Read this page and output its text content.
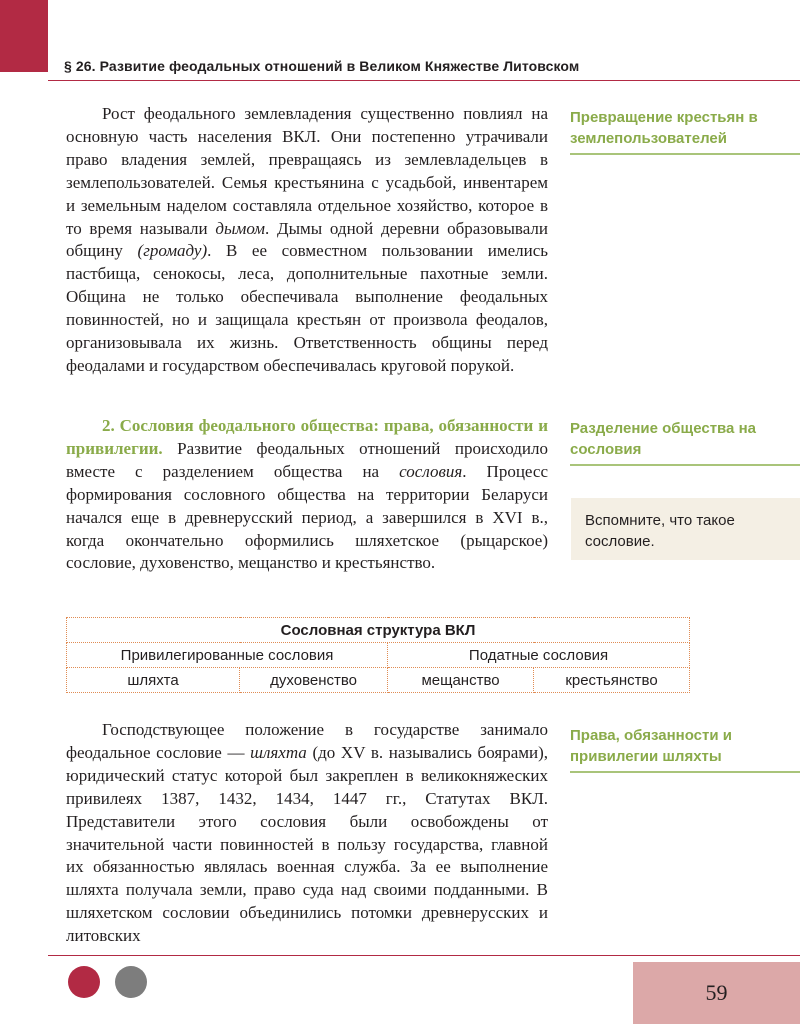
§ 26. Развитие феодальных отношений в Великом Княжестве Литовском

Рост феодального землевладения существенно повлиял на основную часть населения ВКЛ. Они постепенно утрачивали право владения землей, превращаясь из землевладельцев в землепользователей. Семья крестьянина с усадьбой, инвентарем и земельным наделом составляла отдельное хозяйство, которое в то время называли дымом. Дымы одной деревни образовывали общину (громаду). В ее совместном пользовании имелись пастбища, сенокосы, леса, дополнительные пахотные земли. Община не только обеспечивала выполнение феодальных повинностей, но и защищала крестьян от произвола феодалов, организовывала их жизнь. Ответственность общины перед феодалами и государством обеспечивалась круговой порукой.

2. Сословия феодального общества: права, обязанности и привилегии. Развитие феодальных отношений происходило вместе с разделением общества на сословия. Процесс формирования сословного общества на территории Беларуси начался еще в древнерусский период, а завершился в XVI в., когда окончательно оформились шляхетское (рыцарское) сословие, духовенство, мещанство и крестьянство.

Превращение крестьян в землепользователей
Разделение общества на сословия
Вспомните, что такое сословие.
Права, обязанности и привилегии шляхты
Сословная структура ВКЛ			
Привилегированные сословия		Податные сословия	
шляхта	духовенство	мещанство	крестьянство

Господствующее положение в государстве занимало феодальное сословие — шляхта (до XV в. назывались боярами), юридический статус которой был закреплен в великокняжеских привилеях 1387, 1432, 1434, 1447 гг., Статутах ВКЛ. Представители этого сословия были освобождены от значительной части повинностей в пользу государства, главной их обязанностью являлась военная служба. За ее выполнение шляхта получала земли, право суда над своими подданными. В шляхетском сословии объединились потомки древнерусских и литовских

59
